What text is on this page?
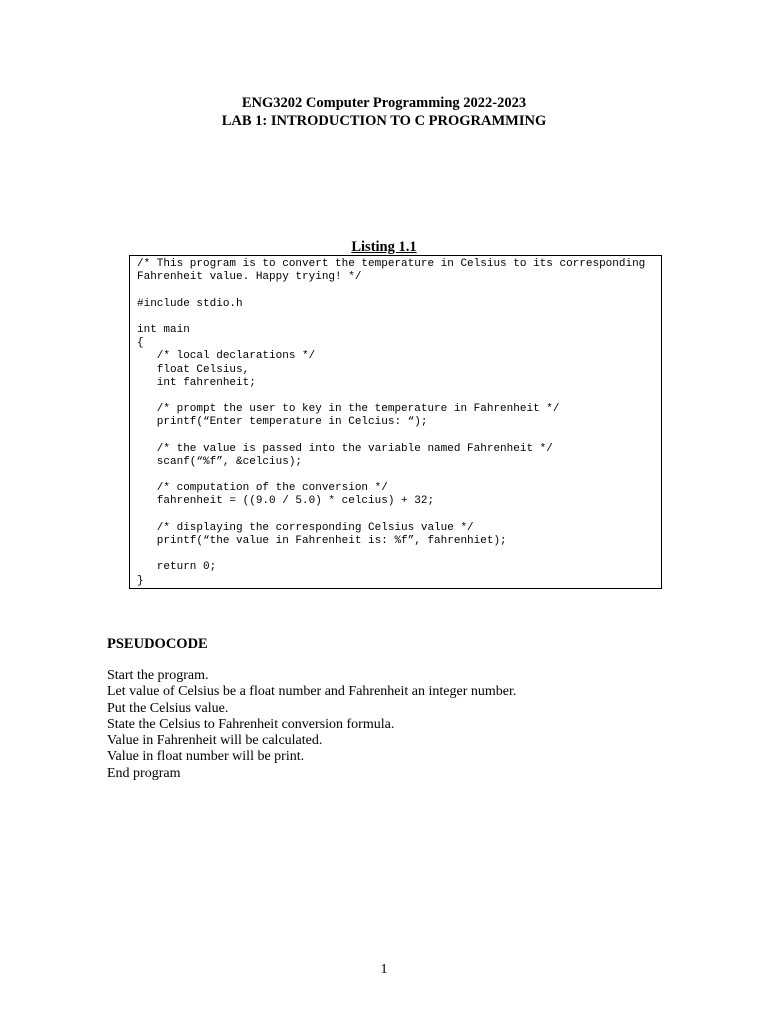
ENG3202 Computer Programming 2022-2023
LAB 1: INTRODUCTION TO C PROGRAMMING
Listing 1.1
/* This program is to convert the temperature in Celsius to its corresponding
Fahrenheit value. Happy trying! */
#include stdio.h
int main
{
/* local declarations */
float Celsius,
int fahrenheit;
/* prompt the user to key in the temperature in Fahrenheit */
printf(“Enter temperature in Celcius: “);
/* the value is passed into the variable named Fahrenheit */
scanf(“%f”, &celcius);
/* computation of the conversion */
fahrenheit = ((9.0 / 5.0) * celcius) + 32;
/* displaying the corresponding Celsius value */
printf(“the value in Fahrenheit is: %f”, fahrenhiet);
return 0;
}
PSEUDOCODE
Start the program.
Let value of Celsius be a float number and Fahrenheit an integer number.
Put the Celsius value.
State the Celsius to Fahrenheit conversion formula.
Value in Fahrenheit will be calculated.
Value in float number will be print.
End program
1
